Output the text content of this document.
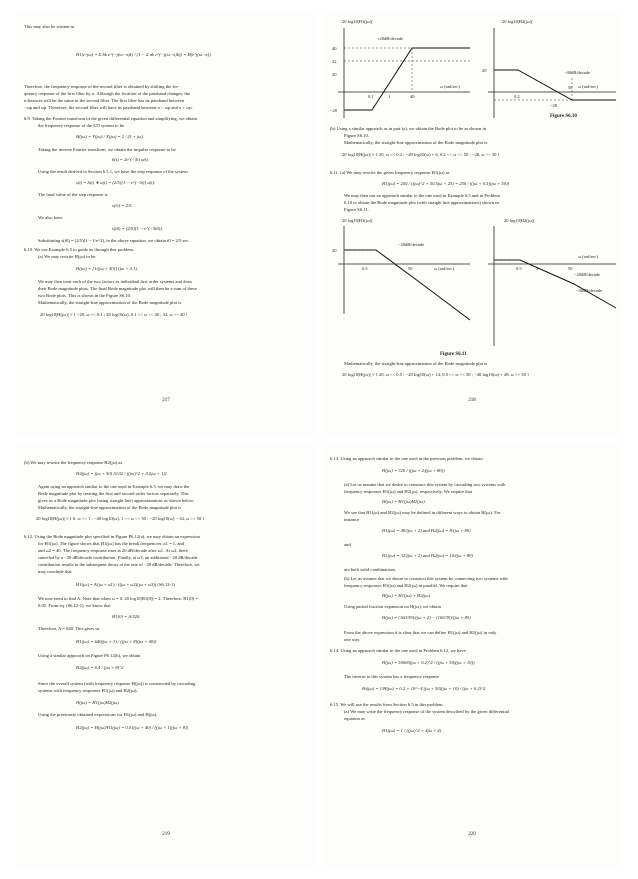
This may also be written as
H1(e^jω) = Σ bk e^(−j(ω−π)k) / (1 − Σ ak e^(−j(ω−π)k)) = H(e^j(ω−π)).
Therefore, the frequency response of the second filter is obtained by shifting the fre-
quency response of the first filter by π. Although the location of the passband changes, the
tolerances will be the same in the second filter. The first filter has its passband between
−ωp and ωp. Therefore, the second filter will have its passband between π − ωp and π + ωp.
6.9. Taking the Fourier transform of the given differential equation and simplifying, we obtain
the frequency response of the LTI system to be
H(jω) = Y(jω) / X(jω) = 2 / (5 + jω).
Taking the inverse Fourier transform, we obtain the impulse response to be
h(t) = 2e^(−5t) u(t).
Using the result derived in Section 6.5.1, we have the step response of the system
s(t) = h(t) ∗ u(t) = (2/5)[1 − e^(−5t)] u(t).
The final value of the step response is
s(∞) = 2/5.
We also have
s(t0) = (2/5)[1 − e^(−5t0)].
Substituting s(t0) = (2/5)[1 − 1/e^2], in the above equation, we obtain t0 = 2/5 sec.
6.10. We use Example 6.5 to guide us through this problem.
(a) We may rewrite H(jω) to be
H(jω) = [1/(jω + 40)] (jω + 0.1).
We may then treat each of the two factors as individual first order systems and draw
their Bode magnitude plots. The final Bode magnitude plot will then be a sum of these
two Bode plots. This is shown in the Figure S6.10.
Mathematically, the straight-line approximation of the Bode magnitude plot is
20 log10|H(jω)| ≈ { −20, ω << 0.1 ; 20 log10(ω), 0.1 << ω << 40 ; 32, ω >> 40 }
217
20 log10|H1(jω)|
+20dB/decade
ω (rad/sec)
40
32
20
−20
0.1	1	40
20 log10|H2(jω)|
−40dB/decade
ω (rad/sec)
20
0.2
50
−28
Figure S6.10
(b) Using a similar approach as in part (a), we obtain the Bode plot to be as shown in
Figure S6.10.
Mathematically, the straight-line approximation of the Bode magnitude plot is
20 log10|H(jω)| ≈ { 20, ω << 0.2 ; −20 log10(ω) + 6, 0.2 << ω << 50 ; −28, ω >> 50 }
6.11. (a) We may rewrite the given frequency response H1(jω) as
H1(jω) = 250 / ((jω)^2 + 50.5jω + 25) = 250 / ((jω + 0.5)(jω + 50))
We may then use an approach similar to the one used in Example 6.5 and in Problem
6.10 to obtain the Bode magnitude plot (with straight line approximations) shown in
Figure S6.11.
20 log10|H1(jω)|
−20dB/decade
ω (rad/sec)
20
0.5	50
20 log10|H2(jω)|
ω (rad/sec)
−20dB/decade
−40dB/decade
0.5	1	50
Figure S6.11
Mathematically, the straight-line approximation of the Bode magnitude plot is
20 log10|H(jω)| ≈ { 20, ω << 0.5 ; −20 log10(ω) + 14, 0.5 << ω << 50 ; −40 log10(ω) + 48, ω >> 50 }
218
(b) We may rewrite the frequency response H2(jω) as
H2(jω) = (jω + 50) [0.02 / ((jω)^2 + 0.2jω + 1)].
Again using an approach similar to the one used in Example 6.5, we may draw the
Bode magnitude plot by treating the first and second order factors separately. This
gives us a Bode magnitude plot (using straight line) approximations as shown below:
Mathematically, the straight-line approximation of the Bode magnitude plot is
20 log10|H(jω)| ≈ { 0, ω << 1 ; −40 log10(ω), 1 << ω << 50 ; −20 log10(ω) − 34, ω >> 50 }
6.12. Using the Bode magnitude plot specified in Figure P6.12(a), we may obtain an expression
for H1(jω). The figure shows that H1(jω) has the break frequencies ω1 = 1, and
and ω2 = 40. The frequency response rises at 20 dB/decade after ω1. At ω2, there
canceled by a −20 dB/decade contribution. Finally, at ω3, an additional −20 dB/decade
contribution results in the subsequent decay at the rate of −20 dB/decade. Therefore, we
may conclude that
H1(jω) = A(jω + ω1) / ((jω + ω2)(jω + ω3)) (S6.12-1)
We now need to find A. Note that when ω = 0, 20 log10|H1(0)| = 2. Therefore, H1(0) =
0.05. From eq. (S6.12-1), we know that
H1(0) = A/320.
Therefore, A = 640. This gives us
H1(jω) = 640(jω + 1) / ((jω + 8)(jω + 40))
Using a similar approach on Figure P6.12(b), we obtain
H2(jω) = 6.4 / (jω + 8)^2
Since the overall system (with frequency response H(jω)) is constructed by cascading
systems with frequency responses H1(jω) and H2(jω),
H(jω) = H1(jω)H2(jω).
Using the previously obtained expressions for H1(jω) and H(jω),
H2(jω) = H(jω)/H1(jω) = 0.01(jω + 40) / ((jω + 1)(jω + 8))
219
6.13. Using an approach similar to the one used in the previous problem, we obtain
H(jω) = 320 / ((jω + 2)(jω + 80))
(a) Let us assume that we desire to construct this system by cascading two systems with
frequency responses H1(jω) and H2(jω), respectively. We require that
H(jω) = H1(jω)H2(jω).
We see that H1(jω) and H2(jω) may be defined in different ways to obtain H(jω). For
instance
H1(jω) = 40/(jω + 2) and H2(jω) = 8/(jω + 80)
and
H1(jω) = 32/(jω + 2) and H2(jω) = 10/(jω + 80)
are both valid combinations.
(b) Let us assume that we desire to construct this system by connecting two systems with
frequency responses H1(jω) and H2(jω) in parallel. We require that
H(jω) = H1(jω) + H2(jω).
Using partial fraction expansion on H(jω), we obtain
H(jω) = (160/39)/(jω + 2) − (160/39)/(jω + 80)
From the above expression it is clear that we can define H1(jω) and H2(jω) in only
one way.
6.14. Using an approach similar to the one used in Problem 6.12, we have
H(jω) = 50000(jω + 0.2)^2 / ((jω + 50)(jω + 10))
The inverse to this system has a frequency response
Hi(jω) = 1/H(jω) = 0.2 × 10^−4 (jω + 50)(jω + 10) / (jω + 0.2)^2
6.15. We will use the results from Section 6.5 in this problem.
(a) We may write the frequency response of the system described by the given differential
equation as
H1(jω) = 1 / ((jω)^2 + 4jω + 4)
220
